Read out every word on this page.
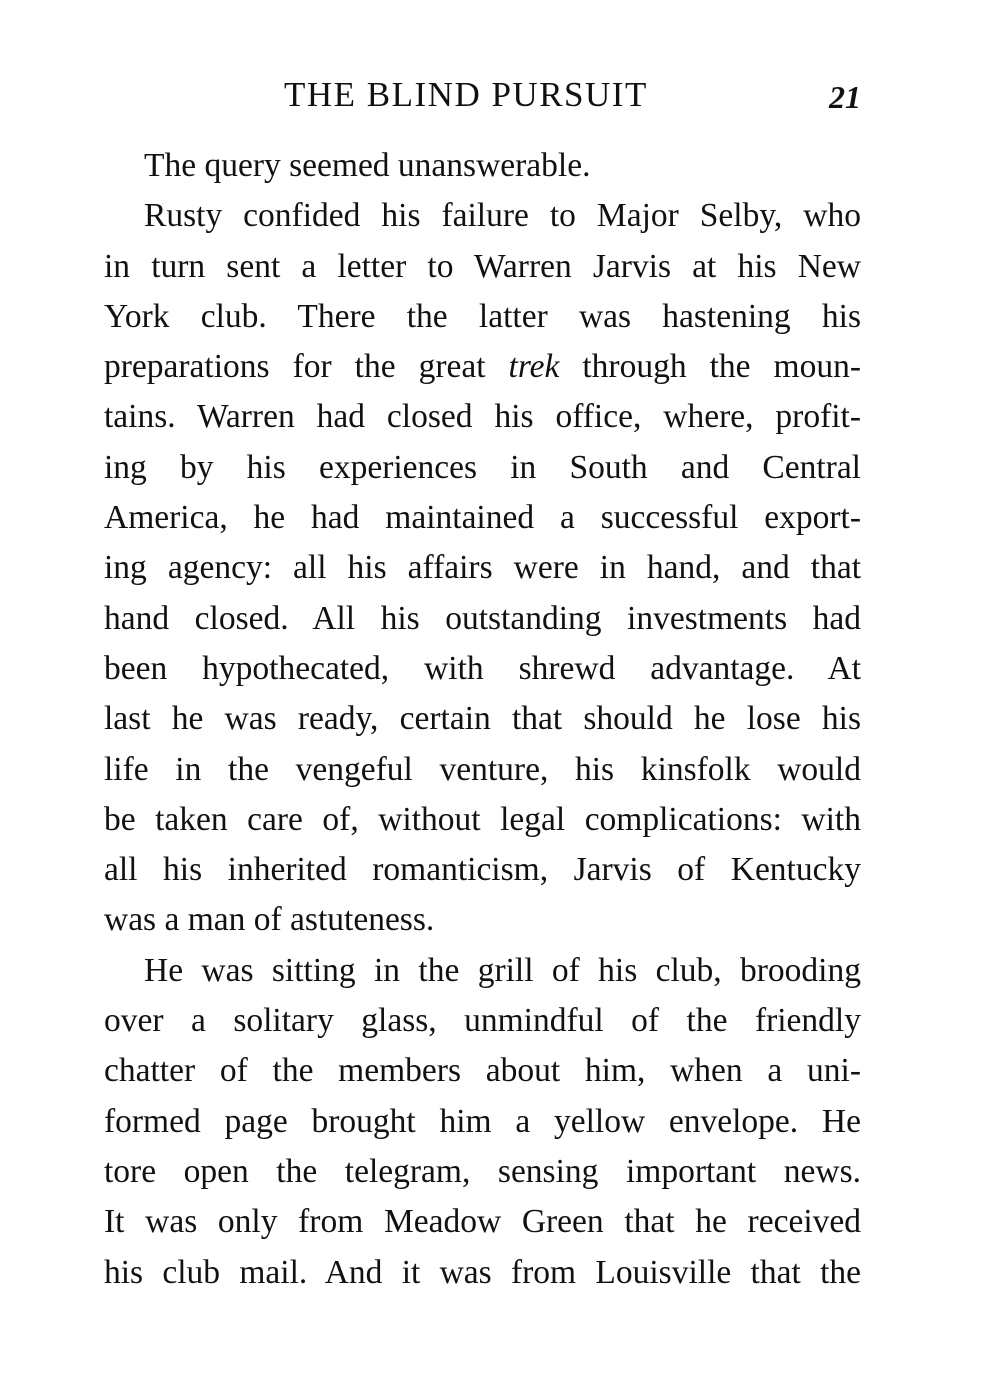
THE BLIND PURSUIT	21

The query seemed unanswerable.

Rusty confided his failure to Major Selby, who
in turn sent a letter to Warren Jarvis at his New
York club. There the latter was hastening his
preparations for the great trek through the moun-
tains. Warren had closed his office, where, profit-
ing by his experiences in South and Central
America, he had maintained a successful export-
ing agency: all his affairs were in hand, and that
hand closed. All his outstanding investments had
been hypothecated, with shrewd advantage. At
last he was ready, certain that should he lose his
life in the vengeful venture, his kinsfolk would
be taken care of, without legal complications: with
all his inherited romanticism, Jarvis of Kentucky
was a man of astuteness.

He was sitting in the grill of his club, brooding
over a solitary glass, unmindful of the friendly
chatter of the members about him, when a uni-
formed page brought him a yellow envelope. He
tore open the telegram, sensing important news.
It was only from Meadow Green that he received
his club mail. And it was from Louisville that the
